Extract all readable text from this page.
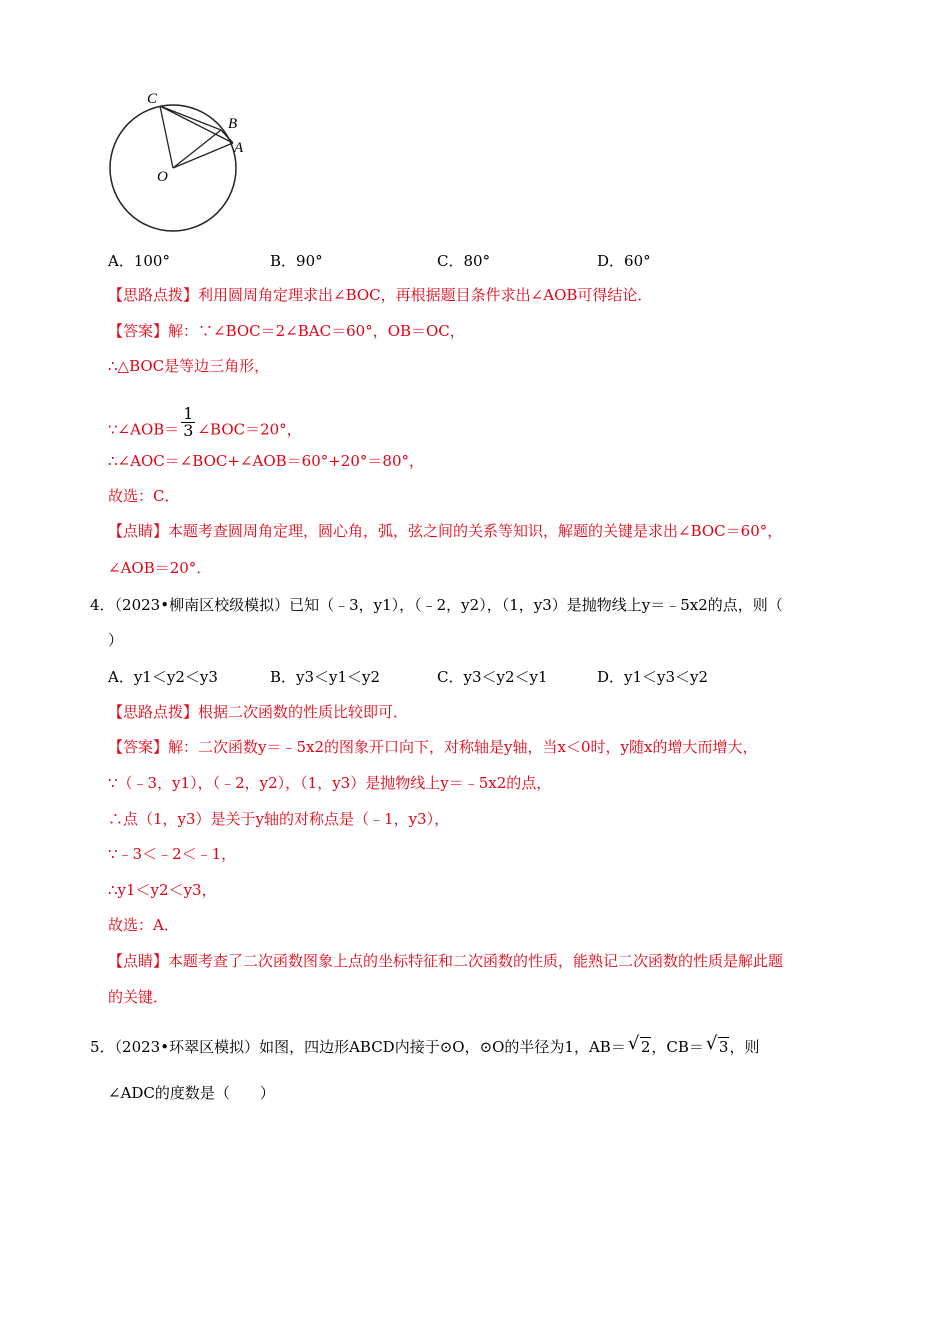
C
B
A
O
A．100°	B．90°	C．80°	D．60°
【思路点拨】利用圆周角定理求出∠BOC，再根据题目条件求出∠AOB可得结论．
【答案】解：∵∠BOC＝2∠BAC＝60°，OB＝OC，
∴△BOC是等边三角形，
∵∠AOB＝ $\frac{1}{3}$ ∠BOC＝20°，
∴∠AOC＝∠BOC+∠AOB＝60°+20°＝80°，
故选：C．
【点睛】本题考查圆周角定理，圆心角，弧，弦之间的关系等知识，解题的关键是求出∠BOC＝60°，
∠AOB＝20°．
4．（2023•柳南区校级模拟）已知（﹣3，y1），（﹣2，y2），（1，y3）是抛物线上y＝﹣5x2的点，则（
）
A．y1＜y2＜y3	B．y3＜y1＜y2	C．y3＜y2＜y1	D．y1＜y3＜y2
【思路点拨】根据二次函数的性质比较即可．
【答案】解：二次函数y＝﹣5x2的图象开口向下，对称轴是y轴，当x＜0时，y随x的增大而增大，
∵（﹣3，y1），（﹣2，y2），（1，y3）是抛物线上y＝﹣5x2的点，
∴点（1，y3）是关于y轴的对称点是（﹣1，y3），
∵﹣3＜﹣2＜﹣1，
∴y1＜y2＜y3，
故选：A．
【点睛】本题考查了二次函数图象上点的坐标特征和二次函数的性质，能熟记二次函数的性质是解此题
的关键．
5．（2023•环翠区模拟）如图，四边形ABCD内接于⊙O，⊙O的半径为1，AB＝ √ 2，CB＝ √ 3，则
∠ADC的度数是（　　）
